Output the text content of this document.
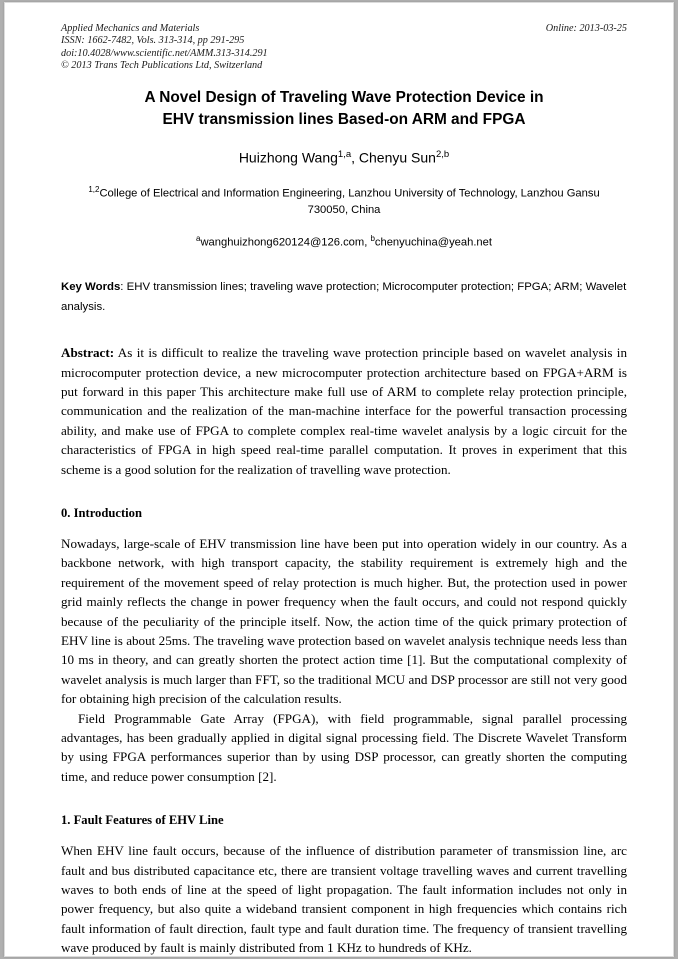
Applied Mechanics and Materials
ISSN: 1662-7482, Vols. 313-314, pp 291-295
doi:10.4028/www.scientific.net/AMM.313-314.291
© 2013 Trans Tech Publications Ltd, Switzerland
Online: 2013-03-25
A Novel Design of Traveling Wave Protection Device in
EHV transmission lines Based-on ARM and FPGA
Huizhong Wang$^{1,a}$, Chenyu Sun$^{2,b}$
$^{1,2}$College of Electrical and Information Engineering, Lanzhou University of Technology, Lanzhou Gansu 730050, China
$^a$wanghuizhong620124@126.com, $^b$chenyuchina@yeah.net
Key Words: EHV transmission lines; traveling wave protection; Microcomputer protection; FPGA; ARM; Wavelet analysis.
Abstract: As it is difficult to realize the traveling wave protection principle based on wavelet analysis in microcomputer protection device, a new microcomputer protection architecture based on FPGA+ARM is put forward in this paper This architecture make full use of ARM to complete relay protection principle, communication and the realization of the man-machine interface for the powerful transaction processing ability, and make use of FPGA to complete complex real-time wavelet analysis by a logic circuit for the characteristics of FPGA in high speed real-time parallel computation. It proves in experiment that this scheme is a good solution for the realization of travelling wave protection.
0. Introduction
Nowadays, large-scale of EHV transmission line have been put into operation widely in our country. As a backbone network, with high transport capacity, the stability requirement is extremely high and the requirement of the movement speed of relay protection is much higher. But, the protection used in power grid mainly reflects the change in power frequency when the fault occurs, and could not respond quickly because of the peculiarity of the principle itself. Now, the action time of the quick primary protection of EHV line is about 25ms. The traveling wave protection based on wavelet analysis technique needs less than 10 ms in theory, and can greatly shorten the protect action time [1]. But the computational complexity of wavelet analysis is much larger than FFT, so the traditional MCU and DSP processor are still not very good for obtaining high precision of the calculation results.
Field Programmable Gate Array (FPGA), with field programmable, signal parallel processing advantages, has been gradually applied in digital signal processing field. The Discrete Wavelet Transform by using FPGA performances superior than by using DSP processor, can greatly shorten the computing time, and reduce power consumption [2].
1. Fault Features of EHV Line
When EHV line fault occurs, because of the influence of distribution parameter of transmission line, arc fault and bus distributed capacitance etc, there are transient voltage travelling waves and current travelling waves to both ends of line at the speed of light propagation. The fault information includes not only in power frequency, but also quite a wideband transient component in high frequencies which contains rich fault information of fault direction, fault type and fault duration time. The frequency of transient travelling wave produced by fault is mainly distributed from 1 KHz to hundreds of KHz.
